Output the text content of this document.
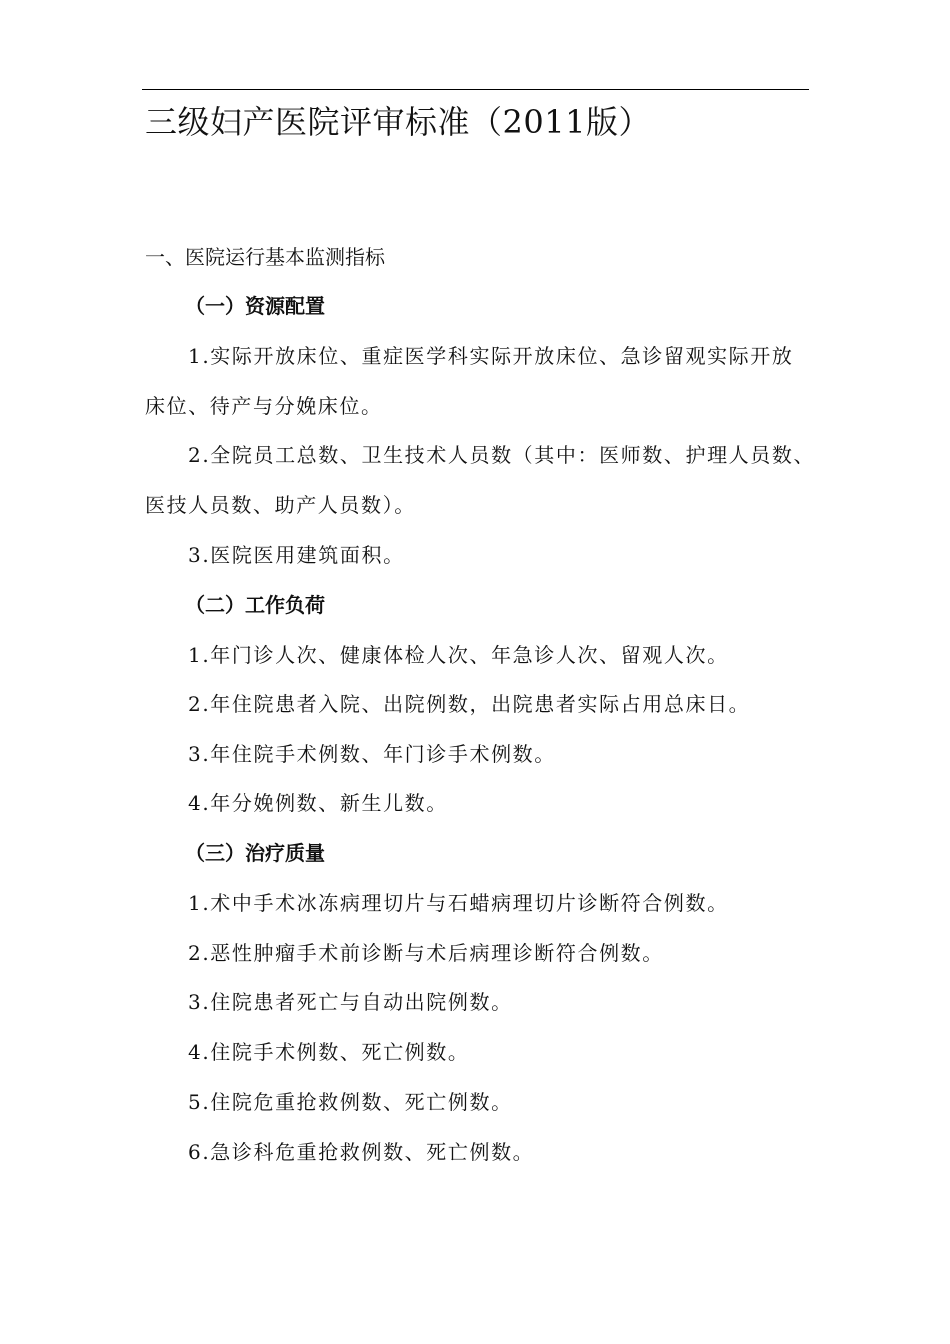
三级妇产医院评审标准（2011版）
一、医院运行基本监测指标
（一）资源配置
1.实际开放床位、重症医学科实际开放床位、急诊留观实际开放
床位、待产与分娩床位。
2.全院员工总数、卫生技术人员数（其中：医师数、护理人员数、
医技人员数、助产人员数）。
3.医院医用建筑面积。
（二）工作负荷
1.年门诊人次、健康体检人次、年急诊人次、留观人次。
2.年住院患者入院、出院例数，出院患者实际占用总床日。
3.年住院手术例数、年门诊手术例数。
4.年分娩例数、新生儿数。
（三）治疗质量
1.术中手术冰冻病理切片与石蜡病理切片诊断符合例数。
2.恶性肿瘤手术前诊断与术后病理诊断符合例数。
3.住院患者死亡与自动出院例数。
4.住院手术例数、死亡例数。
5.住院危重抢救例数、死亡例数。
6.急诊科危重抢救例数、死亡例数。
